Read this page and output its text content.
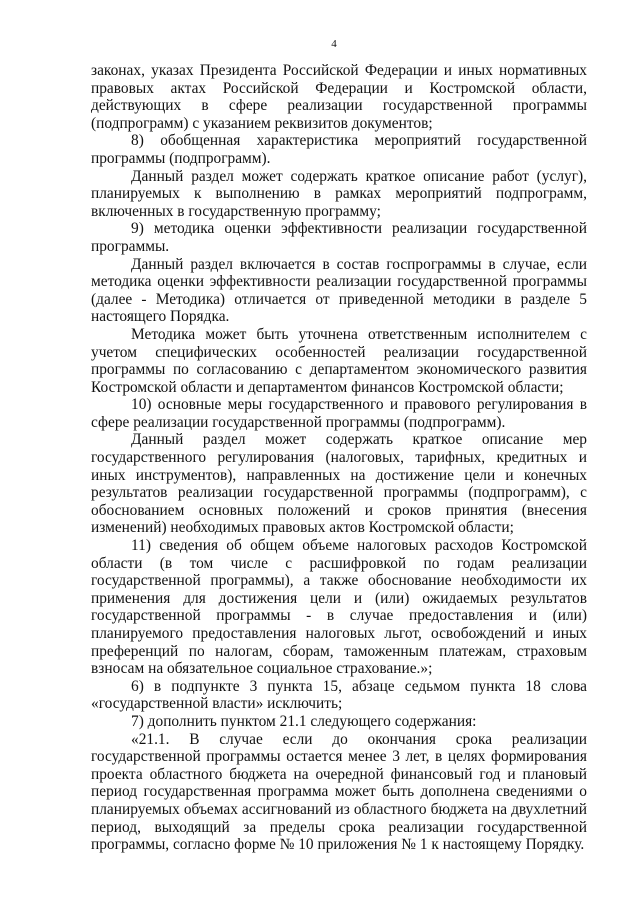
4

законах, указах Президента Российской Федерации и иных нормативных правовых актах Российской Федерации и Костромской области, действующих в сфере реализации государственной программы (подпрограмм) с указанием реквизитов документов;

8) обобщенная характеристика мероприятий государственной программы (подпрограмм).

Данный раздел может содержать краткое описание работ (услуг), планируемых к выполнению в рамках мероприятий подпрограмм, включенных в государственную программу;

9) методика оценки эффективности реализации государственной программы.

Данный раздел включается в состав госпрограммы в случае, если методика оценки эффективности реализации государственной программы (далее - Методика) отличается от приведенной методики в разделе 5 настоящего Порядка.

Методика может быть уточнена ответственным исполнителем с учетом специфических особенностей реализации государственной программы по согласованию с департаментом экономического развития Костромской области и департаментом финансов Костромской области;

10) основные меры государственного и правового регулирования в сфере реализации государственной программы (подпрограмм).

Данный раздел может содержать краткое описание мер государственного регулирования (налоговых, тарифных, кредитных и иных инструментов), направленных на достижение цели и конечных результатов реализации государственной программы (подпрограмм), с обоснованием основных положений и сроков принятия (внесения изменений) необходимых правовых актов Костромской области;

11) сведения об общем объеме налоговых расходов Костромской области (в том числе с расшифровкой по годам реализации государственной программы), а также обоснование необходимости их применения для достижения цели и (или) ожидаемых результатов государственной программы - в случае предоставления и (или) планируемого предоставления налоговых льгот, освобождений и иных преференций по налогам, сборам, таможенным платежам, страховым взносам на обязательное социальное страхование.»;

6) в подпункте 3 пункта 15, абзаце седьмом пункта 18 слова «государственной власти» исключить;

7) дополнить пунктом 21.1 следующего содержания:

«21.1. В случае если до окончания срока реализации государственной программы остается менее 3 лет, в целях формирования проекта областного бюджета на очередной финансовый год и плановый период государственная программа может быть дополнена сведениями о планируемых объемах ассигнований из областного бюджета на двухлетний период, выходящий за пределы срока реализации государственной программы, согласно форме № 10 приложения № 1 к настоящему Порядку.
